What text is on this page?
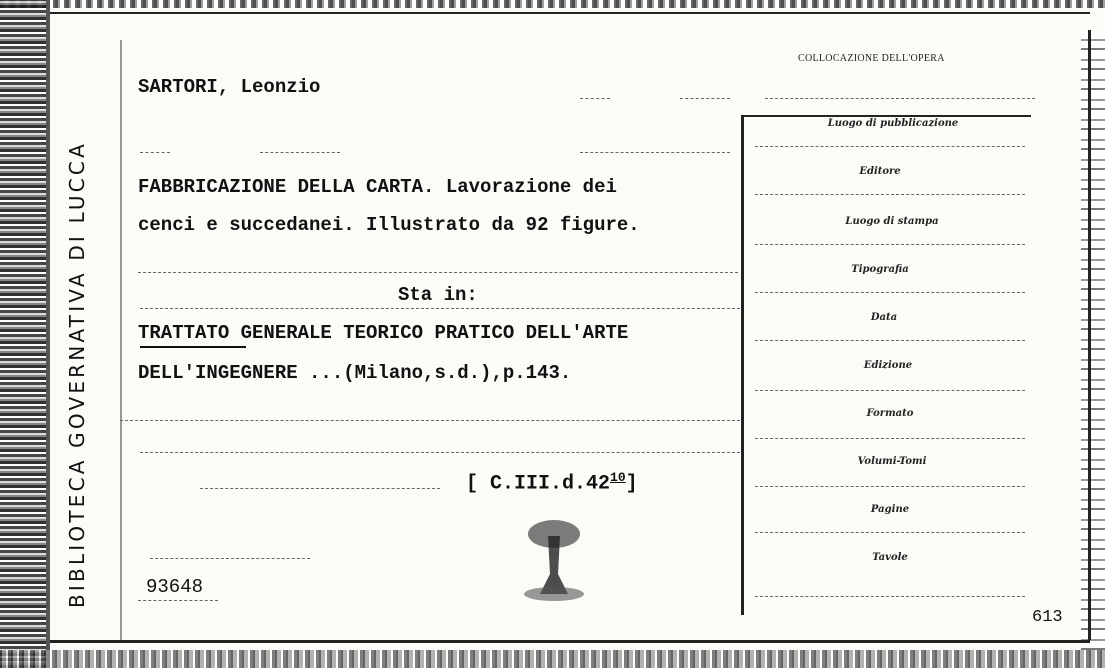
BIBLIOTECA GOVERNATIVA DI LUCCA
SARTORI, Leonzio
FABBRICAZIONE DELLA CARTA. Lavorazione dei
cenci e succedanei. Illustrato da 92 figure.
Sta in:
TRATTATO GENERALE TEORICO PRATICO DELL'ARTE
DELL'INGEGNERE ...(Milano,s.d.),p.143.
[ $C.III.d.42^{10}$]
93648
COLLOCAZIONE DELL'OPERA
Luogo di pubblicazione
Editore
Luogo di stampa
Tipografia
Data
Edizione
Formato
Volumi-Tomi
Pagine
Tavole
613
